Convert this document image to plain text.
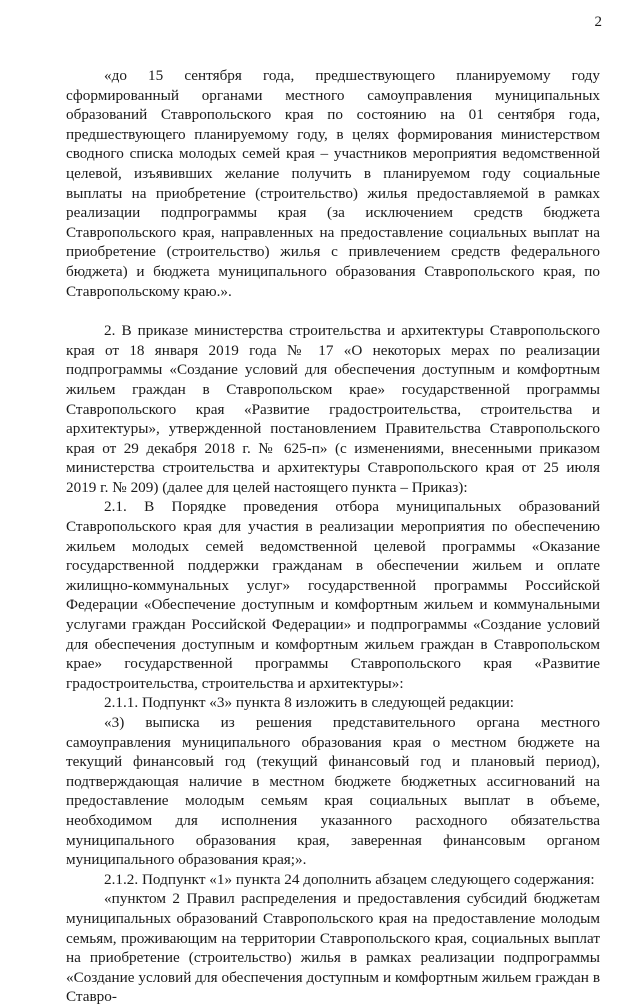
2

«до 15 сентября года, предшествующего планируемому году сформированный органами местного самоуправления муниципальных образований Ставропольского края по состоянию на 01 сентября года, предшествующего планируемому году, в целях формирования министерством сводного списка молодых семей края – участников мероприятия ведомственной целевой, изъявивших желание получить в планируемом году социальные выплаты на приобретение (строительство) жилья предоставляемой в рамках реализации подпрограммы края (за исключением средств бюджета Ставропольского края, направленных на предоставление социальных выплат на приобретение (строительство) жилья с привлечением средств федерального бюджета) и бюджета муниципального образования Ставропольского края, по Ставропольскому краю.».

2. В приказе министерства строительства и архитектуры Ставропольского края от 18 января 2019 года № 17 «О некоторых мерах по реализации подпрограммы «Создание условий для обеспечения доступным и комфортным жильем граждан в Ставропольском крае» государственной программы Ставропольского края «Развитие градостроительства, строительства и архитектуры», утвержденной постановлением Правительства Ставропольского края от 29 декабря 2018 г. № 625-п» (с изменениями, внесенными приказом министерства строительства и архитектуры Ставропольского края от 25 июля 2019 г. № 209) (далее для целей настоящего пункта – Приказ):

2.1. В Порядке проведения отбора муниципальных образований Ставропольского края для участия в реализации мероприятия по обеспечению жильем молодых семей ведомственной целевой программы «Оказание государственной поддержки гражданам в обеспечении жильем и оплате жилищно-коммунальных услуг» государственной программы Российской Федерации «Обеспечение доступным и комфортным жильем и коммунальными услугами граждан Российской Федерации» и подпрограммы «Создание условий для обеспечения доступным и комфортным жильем граждан в Ставропольском крае» государственной программы Ставропольского края «Развитие градостроительства, строительства и архитектуры»:

2.1.1. Подпункт «3» пункта 8 изложить в следующей редакции:

«3) выписка из решения представительного органа местного самоуправления муниципального образования края о местном бюджете на текущий финансовый год (текущий финансовый год и плановый период), подтверждающая наличие в местном бюджете бюджетных ассигнований на предоставление молодым семьям края социальных выплат в объеме, необходимом для исполнения указанного расходного обязательства муниципального образования края, заверенная финансовым органом муниципального образования края;».

2.1.2. Подпункт «1» пункта 24 дополнить абзацем следующего содержания:

«пунктом 2 Правил распределения и предоставления субсидий бюджетам муниципальных образований Ставропольского края на предоставление молодым семьям, проживающим на территории Ставропольского края, социальных выплат на приобретение (строительство) жилья в рамках реализации подпрограммы «Создание условий для обеспечения доступным и комфортным жильем граждан в Ставро-
